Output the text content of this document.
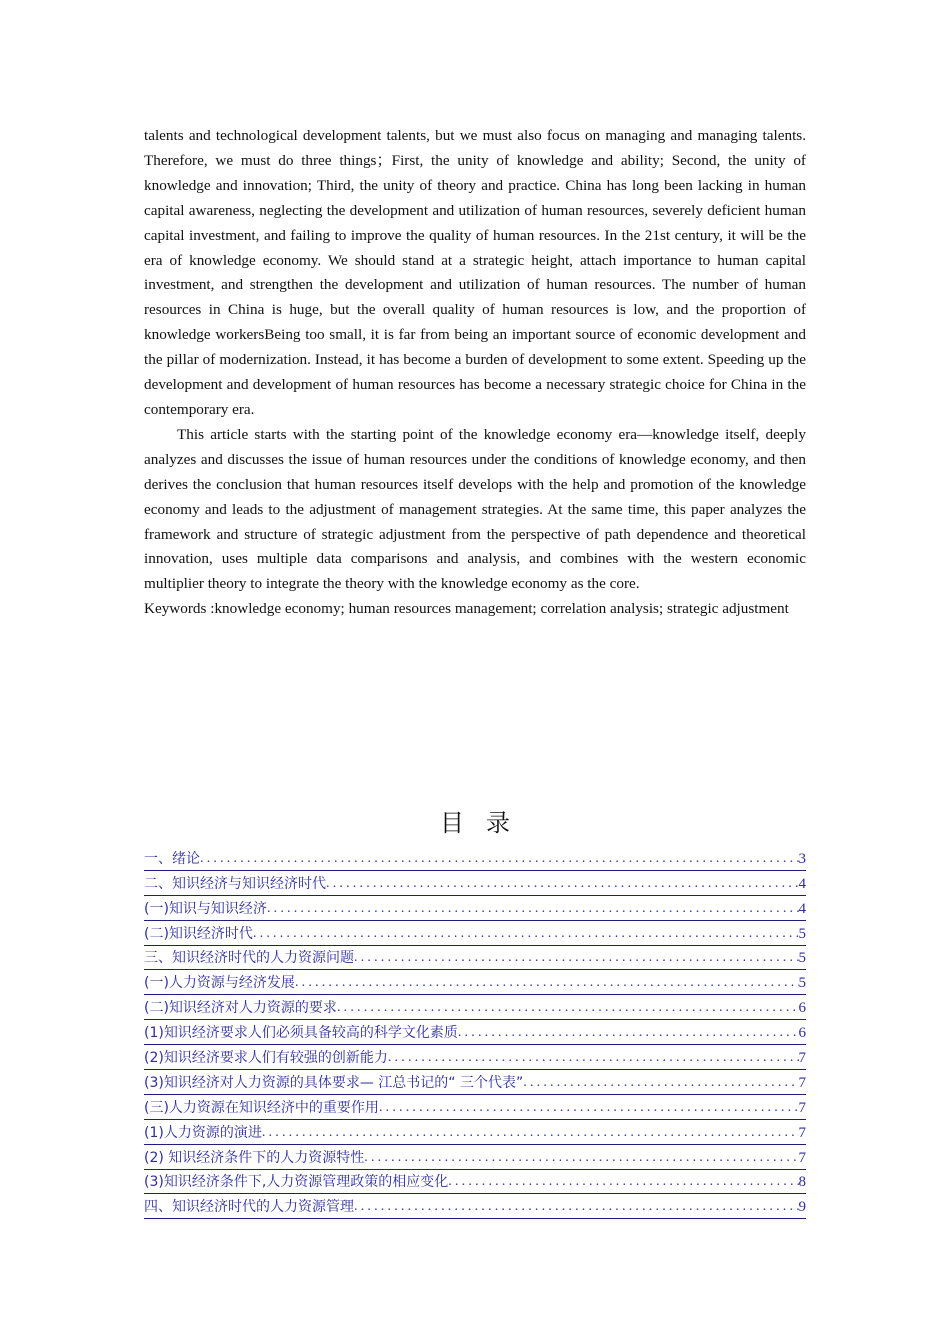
talents and technological development talents, but we must also focus on managing and managing talents. Therefore, we must do three things；First, the unity of knowledge and ability; Second, the unity of knowledge and innovation; Third, the unity of theory and practice. China has long been lacking in human capital awareness, neglecting the development and utilization of human resources, severely deficient human capital investment, and failing to improve the quality of human resources. In the 21st century, it will be the era of knowledge economy. We should stand at a strategic height, attach importance to human capital investment, and strengthen the development and utilization of human resources. The number of human resources in China is huge, but the overall quality of human resources is low, and the proportion of knowledge workersBeing too small, it is far from being an important source of economic development and the pillar of modernization. Instead, it has become a burden of development to some extent. Speeding up the development and development of human resources has become a necessary strategic choice for China in the contemporary era.

This article starts with the starting point of the knowledge economy era—knowledge itself, deeply analyzes and discusses the issue of human resources under the conditions of knowledge economy, and then derives the conclusion that human resources itself develops with the help and promotion of the knowledge economy and leads to the adjustment of management strategies. At the same time, this paper analyzes the framework and structure of strategic adjustment from the perspective of path dependence and theoretical innovation, uses multiple data comparisons and analysis, and combines with the western economic multiplier theory to integrate the theory with the knowledge economy as the core.

Keywords :knowledge economy; human resources management; correlation analysis; strategic adjustment

目录
一、绪论 .....	3
二、知识经济与知识经济时代 .....	4
(一)知识与知识经济 .....	4
(二)知识经济时代 .....	5
三、知识经济时代的人力资源问题 .....	5
(一)人力资源与经济发展 .....	5
(二)知识经济对人力资源的要求 .....	6
(1)知识经济要求人们必须具备较高的科学文化素质 .....	6
(2)知识经济要求人们有较强的创新能力 .....	7
(3)知识经济对人力资源的具体要求— 江总书记的“ 三个代表” .....	7
(三)人力资源在知识经济中的重要作用 .....	7
(1)人力资源的演进 .....	7
(2) 知识经济条件下的人力资源特性 .....	7
(3)知识经济条件下,人力资源管理政策的相应变化 .....	8
四、知识经济时代的人力资源管理 .....	9
